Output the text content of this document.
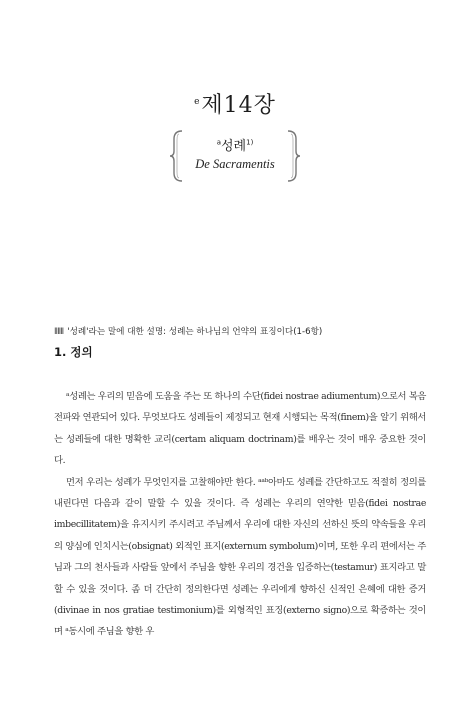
$^e$제14장
$^a$성례$^{1)}$
De Sacramentis
IIIIII '성례'라는 말에 대한 설명: 성례는 하나님의 언약의 표징이다(1-6항)
1. 정의

ᵃ성례는 우리의 믿음에 도움을 주는 또 하나의 수단(fidei nostrae adiumentum)으로서 복음 전파와 연관되어 있다. 무엇보다도 성례들이 제정되고 현재 시행되는 목적(finem)을 알기 위해서는 성례들에 대한 명확한 교리(certam aliquam doctrinam)를 배우는 것이 매우 중요한 것이다.

먼저 우리는 성례가 무엇인지를 고찰해야만 한다. ᵃᵃᵇ아마도 성례를 간단하고도 적절히 정의를 내린다면 다음과 같이 말할 수 있을 것이다. 즉 성례는 우리의 연약한 믿음(fidei nostrae imbecillitatem)을 유지시키 주시려고 주님께서 우리에 대한 자신의 선하신 뜻의 약속들을 우리의 양심에 인치시는(obsignat) 외적인 표지(externum symbolum)이며, 또한 우리 편에서는 주님과 그의 천사들과 사람들 앞에서 주님을 향한 우리의 경건을 입증하는(testamur) 표지라고 말할 수 있을 것이다. 좀 더 간단히 정의한다면 성례는 우리에게 향하신 신적인 은혜에 대한 증거(divinae in nos gratiae testimonium)를 외형적인 표징(externo signo)으로 확증하는 것이며 ᵃ동시에 주님을 향한 우
